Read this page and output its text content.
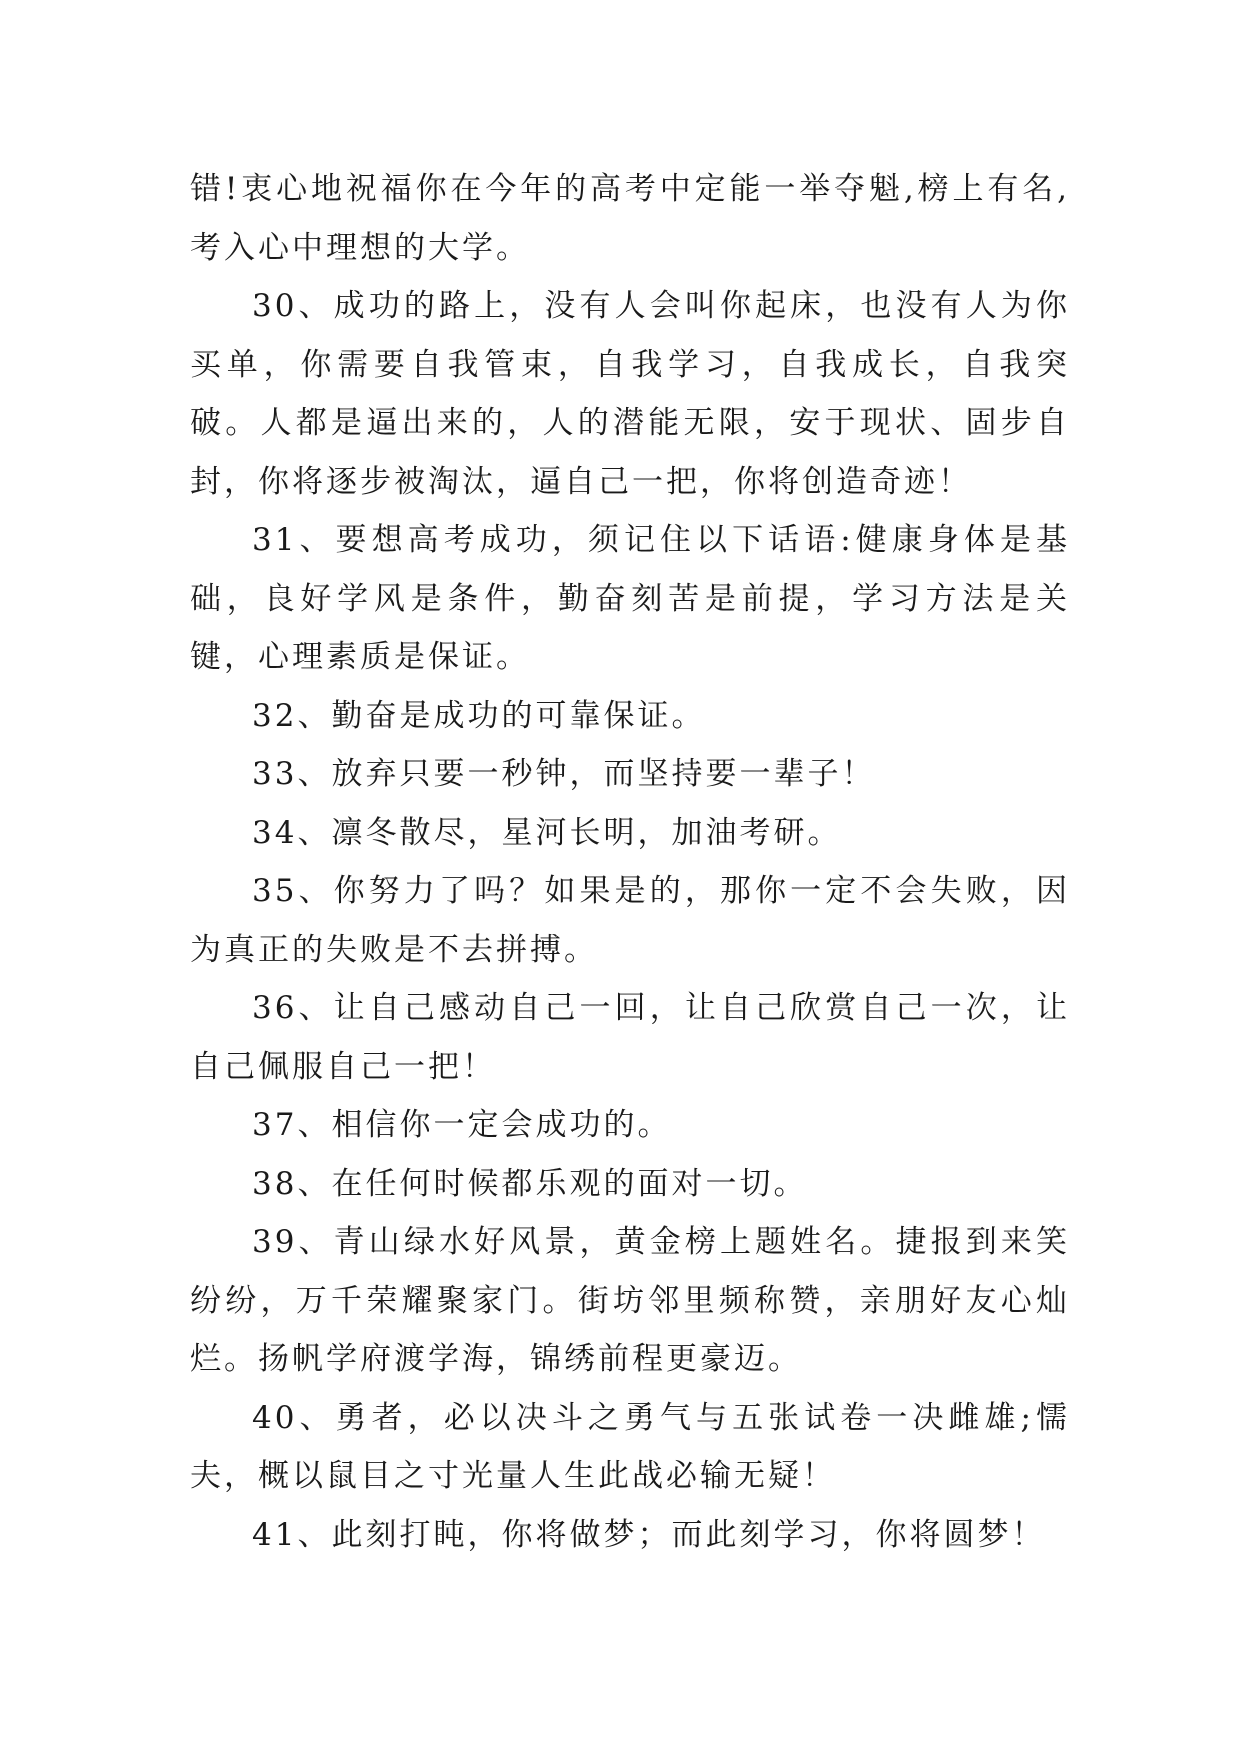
错!衷心地祝福你在今年的高考中定能一举夺魁,榜上有名,考入心中理想的大学。

30、成功的路上，没有人会叫你起床，也没有人为你买单，你需要自我管束，自我学习，自我成长，自我突破。人都是逼出来的，人的潜能无限，安于现状、固步自封，你将逐步被淘汰，逼自己一把，你将创造奇迹！

31、要想高考成功，须记住以下话语:健康身体是基础，良好学风是条件，勤奋刻苦是前提，学习方法是关键，心理素质是保证。

32、勤奋是成功的可靠保证。

33、放弃只要一秒钟，而坚持要一辈子！

34、凛冬散尽，星河长明，加油考研。

35、你努力了吗？如果是的，那你一定不会失败，因为真正的失败是不去拼搏。

36、让自己感动自己一回，让自己欣赏自己一次，让自己佩服自己一把！

37、相信你一定会成功的。

38、在任何时候都乐观的面对一切。

39、青山绿水好风景，黄金榜上题姓名。捷报到来笑纷纷，万千荣耀聚家门。街坊邻里频称赞，亲朋好友心灿烂。扬帆学府渡学海，锦绣前程更豪迈。

40、勇者，必以决斗之勇气与五张试卷一决雌雄;懦夫，概以鼠目之寸光量人生此战必输无疑！

41、此刻打盹，你将做梦；而此刻学习，你将圆梦！
